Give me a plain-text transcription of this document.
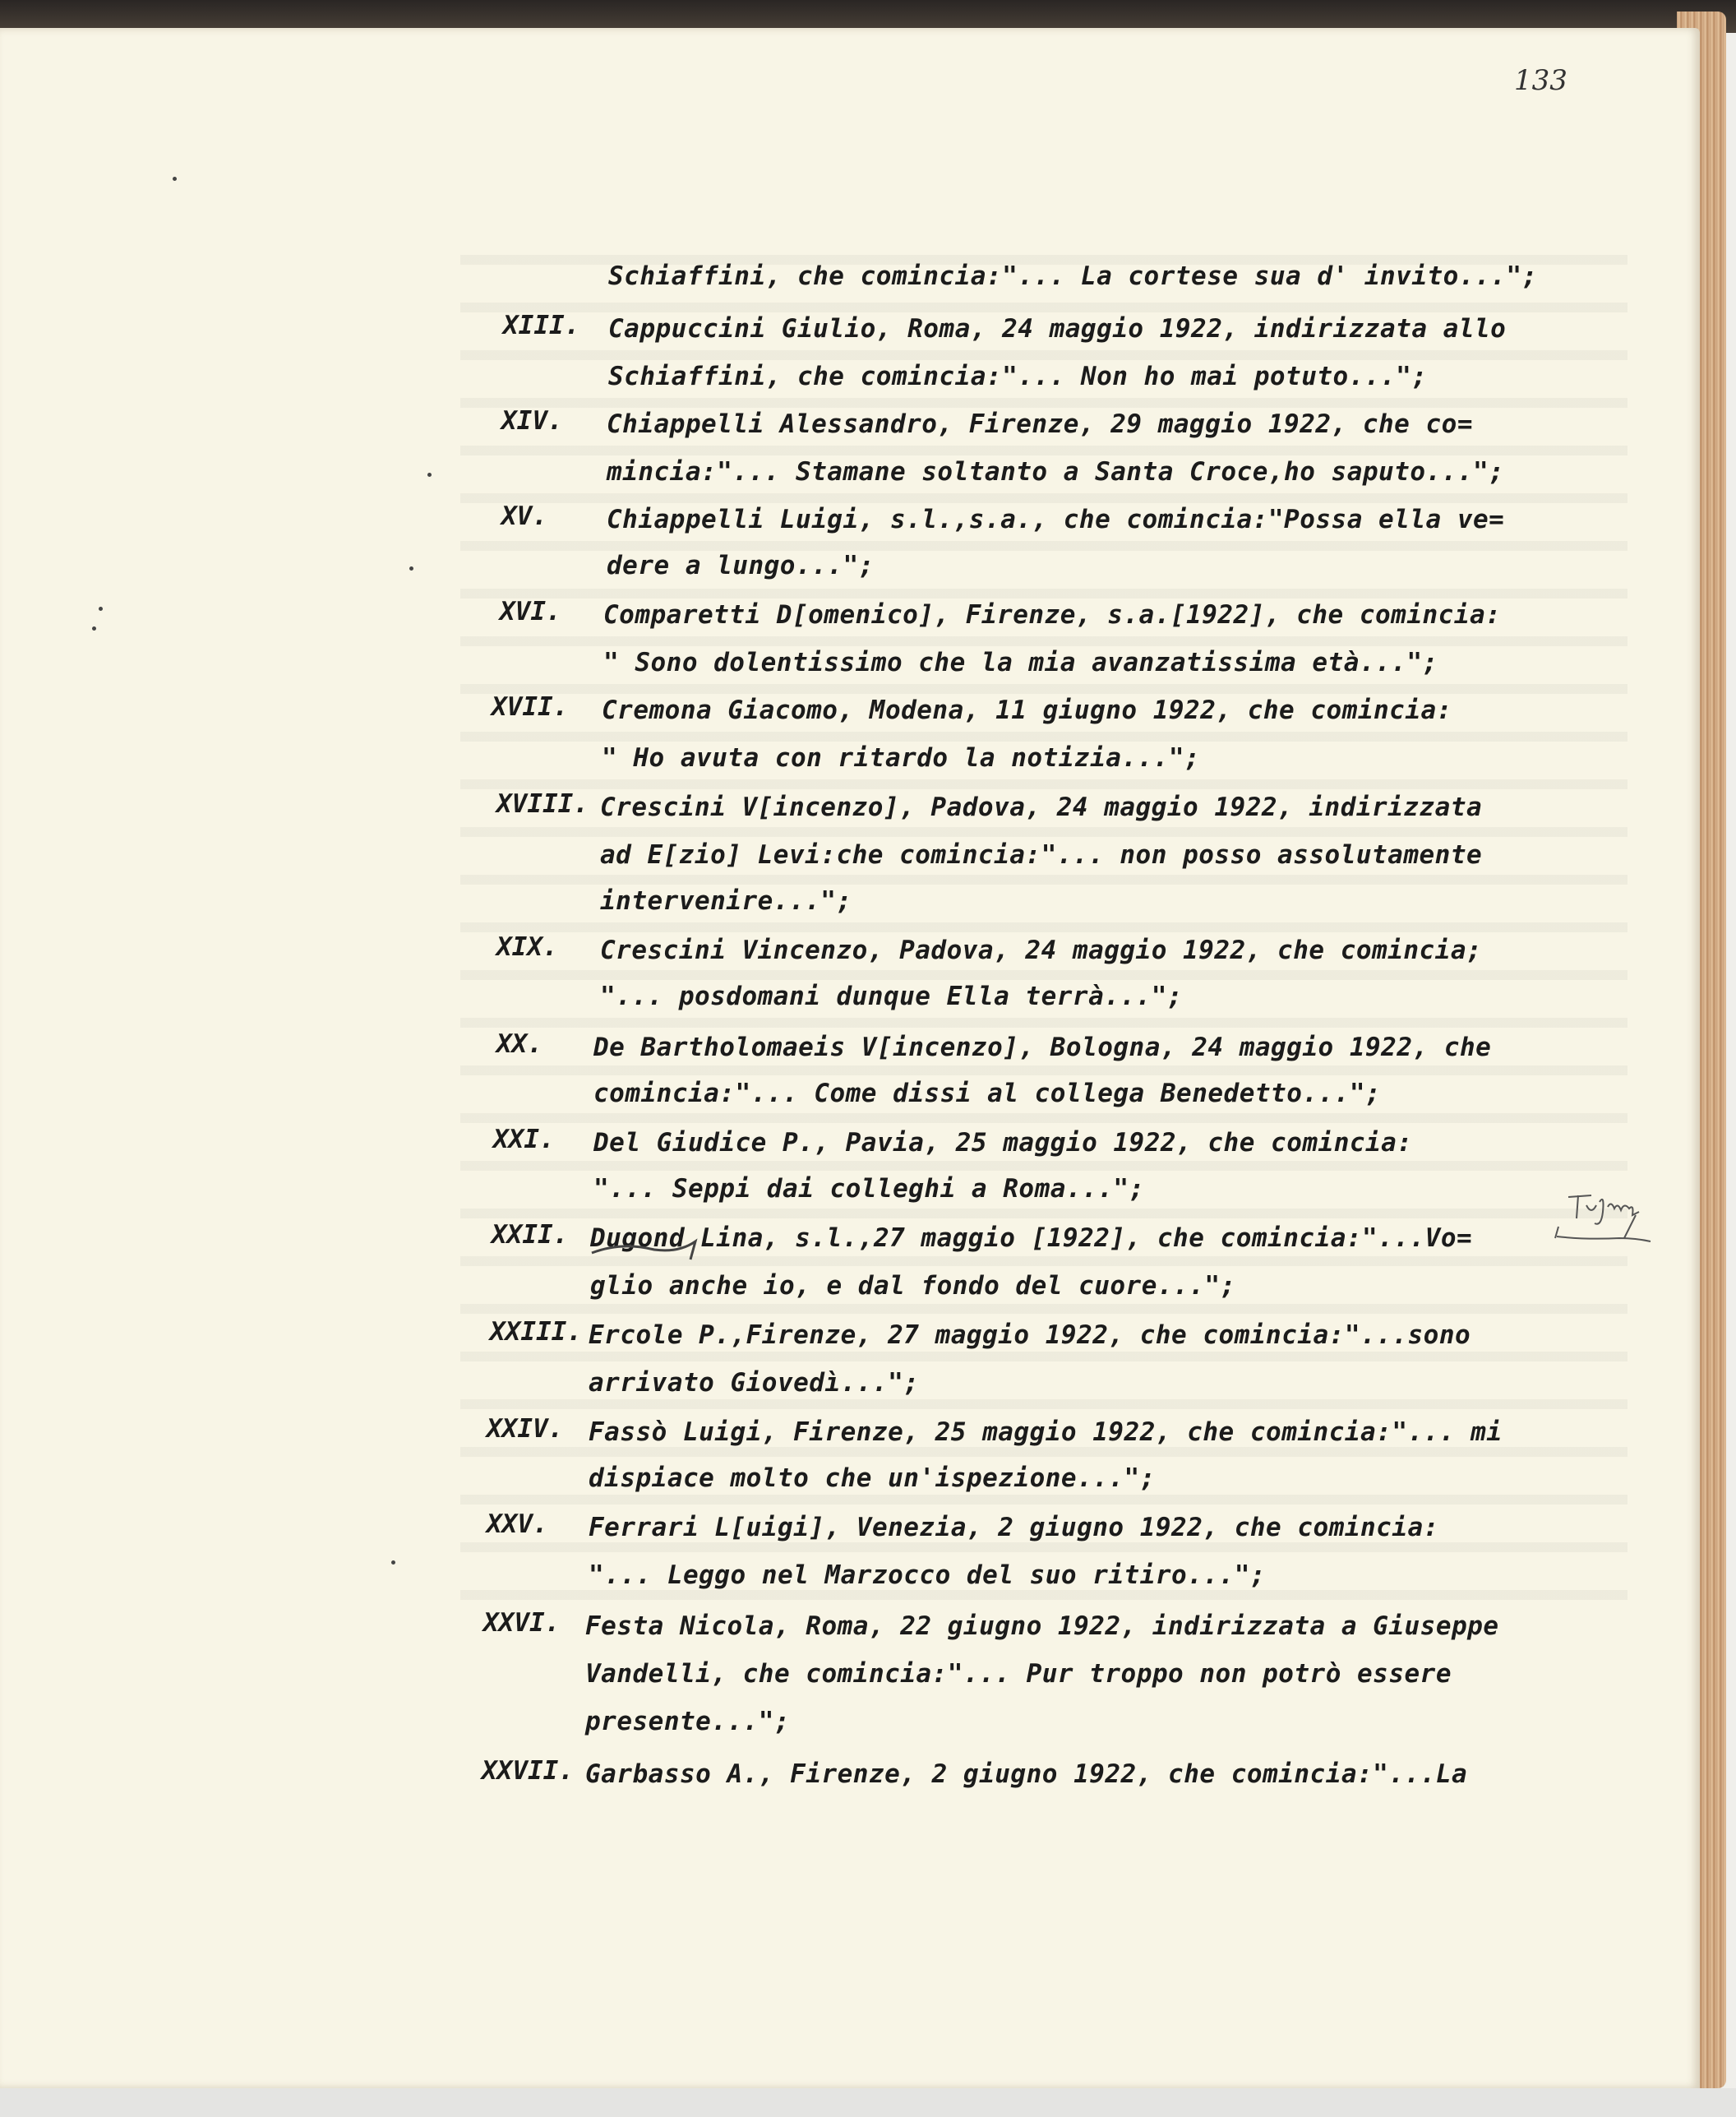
133
Schiaffini, che comincia:"... La cortese sua d' invito...";
XIII. Cappuccini Giulio, Roma, 24 maggio 1922, indirizzata allo
Schiaffini, che comincia:"... Non ho mai potuto...";
XIV. Chiappelli Alessandro, Firenze, 29 maggio 1922, che co=
mincia:"... Stamane soltanto a Santa Croce,ho saputo...";
XV. Chiappelli Luigi, s.l.,s.a., che comincia:"Possa ella ve=
dere a lungo...";
XVI. Comparetti D[omenico], Firenze, s.a.[1922], che comincia:
" Sono dolentissimo che la mia avanzatissima età...";
XVII. Cremona Giacomo, Modena, 11 giugno 1922, che comincia:
" Ho avuta con ritardo la notizia...";
XVIII. Crescini V[incenzo], Padova, 24 maggio 1922, indirizzata
ad E[zio] Levi:che comincia:"... non posso assolutamente
intervenire...";
XIX. Crescini Vincenzo, Padova, 24 maggio 1922, che comincia;
"... posdomani dunque Ella terrà...";
XX. De Bartholomaeis V[incenzo], Bologna, 24 maggio 1922, che
comincia:"... Come dissi al collega Benedetto...";
XXI. Del Giudice P., Pavia, 25 maggio 1922, che comincia:
"... Seppi dai colleghi a Roma...";
XXII. Dugond Lina, s.l.,27 maggio [1922], che comincia:"...Vo=
glio anche io, e dal fondo del cuore...";
XXIII. Ercole P.,Firenze, 27 maggio 1922, che comincia:"...sono
arrivato Giovedì...";
XXIV. Fassò Luigi, Firenze, 25 maggio 1922, che comincia:"... mi
dispiace molto che un'ispezione...";
XXV. Ferrari L[uigi], Venezia, 2 giugno 1922, che comincia:
"... Leggo nel Marzocco del suo ritiro...";
XXVI. Festa Nicola, Roma, 22 giugno 1922, indirizzata a Giuseppe
Vandelli, che comincia:"... Pur troppo non potrò essere
presente...";
XXVII. Garbasso A., Firenze, 2 giugno 1922, che comincia:"...La
